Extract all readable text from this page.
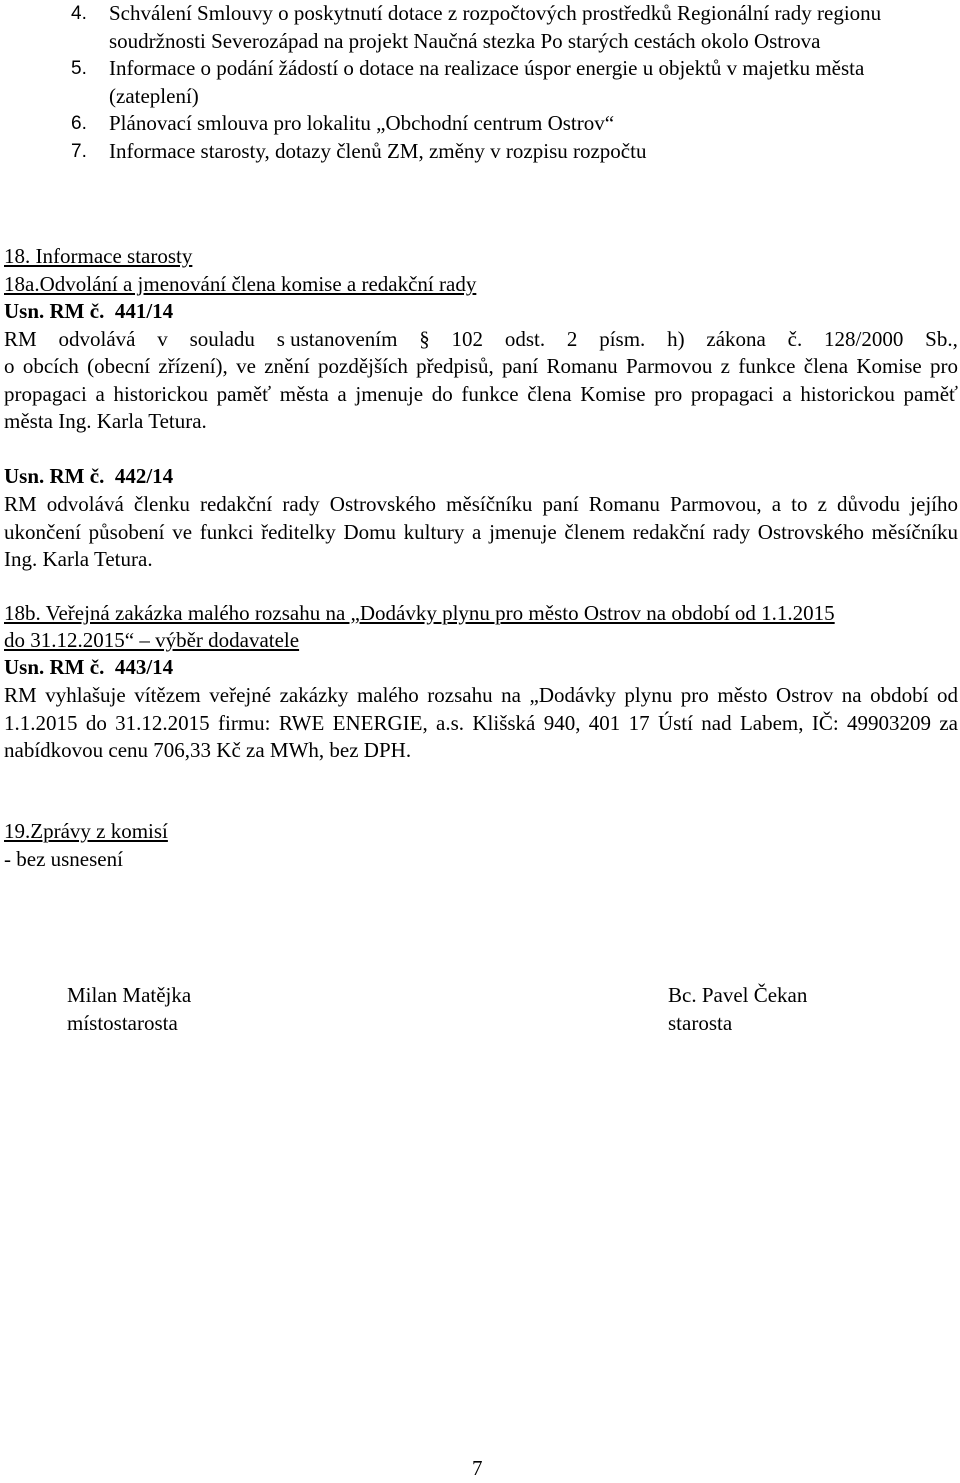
4. Schválení Smlouvy o poskytnutí dotace z rozpočtových prostředků Regionální rady regionu soudržnosti Severozápad na projekt Naučná stezka Po starých cestách okolo Ostrova
5. Informace o podání žádostí o dotace na realizace úspor energie u objektů v majetku města (zateplení)
6. Plánovací smlouva pro lokalitu „Obchodní centrum Ostrov“
7. Informace starosty, dotazy členů ZM, změny v rozpisu rozpočtu
18. Informace starosty
18a.Odvolání a jmenování člena komise a redakční rady
Usn. RM č. 441/14
RM odvolává v souladu s ustanovením § 102 odst. 2 písm. h) zákona č. 128/2000 Sb.,
o obcích (obecní zřízení), ve znění pozdějších předpisů, paní Romanu Parmovou z funkce člena Komise pro propagaci a historickou paměť města a jmenuje do funkce člena Komise pro propagaci a historickou paměť města Ing. Karla Tetura.
Usn. RM č. 442/14
RM odvolává členku redakční rady Ostrovského měsíčníku paní Romanu Parmovou, a to z důvodu jejího ukončení působení ve funkci ředitelky Domu kultury a jmenuje členem redakční rady Ostrovského měsíčníku Ing. Karla Tetura.
18b. Veřejná zakázka malého rozsahu na „Dodávky plynu pro město Ostrov na období od 1.1.2015
do 31.12.2015“ – výběr dodavatele
Usn. RM č. 443/14
RM vyhlašuje vítězem veřejné zakázky malého rozsahu na „Dodávky plynu pro město Ostrov na období od 1.1.2015 do 31.12.2015 firmu: RWE ENERGIE, a.s. Klišská 940, 401 17 Ústí nad Labem, IČ: 49903209 za nabídkovou cenu 706,33 Kč za MWh, bez DPH.
19.Zprávy z komisí
- bez usnesení
Milan Matějka
místostarosta
Bc. Pavel Čekan
starosta
7
